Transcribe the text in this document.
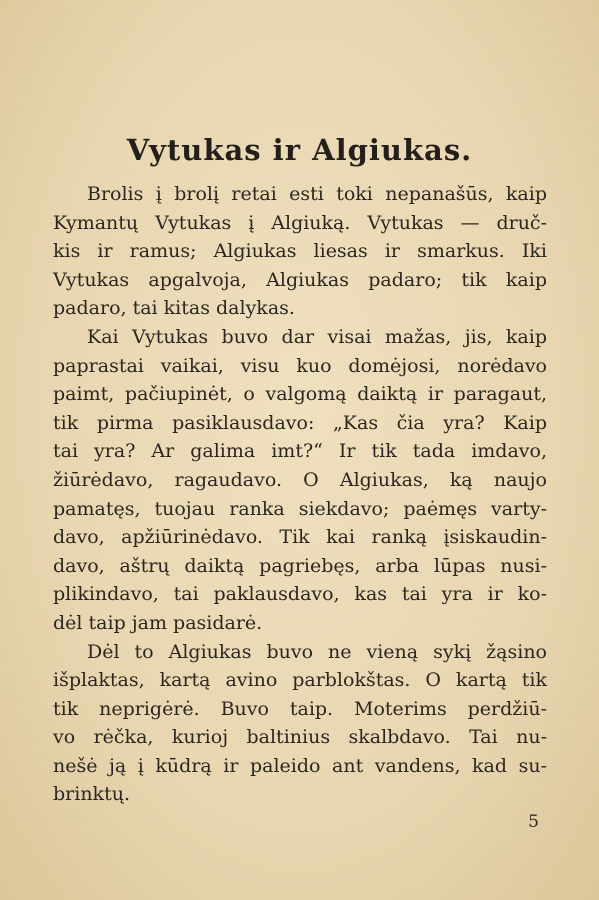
Vytukas ir Algiukas.
Brolis į brolį retai esti toki nepanašūs, kaip
Kymantų Vytukas į Algiuką. Vytukas — druč-
kis ir ramus; Algiukas liesas ir smarkus. Iki
Vytukas apgalvoja, Algiukas padaro; tik kaip
padaro, tai kitas dalykas.
Kai Vytukas buvo dar visai mažas, jis, kaip
paprastai vaikai, visu kuo domėjosi, norėdavo
paimt, pačiupinėt, o valgomą daiktą ir paragaut,
tik pirma pasiklausdavo: „Kas čia yra? Kaip
tai yra? Ar galima imt?“ Ir tik tada imdavo,
žiūrėdavo, ragaudavo. O Algiukas, ką naujo
pamatęs, tuojau ranka siekdavo; paėmęs varty-
davo, apžiūrinėdavo. Tik kai ranką įsiskaudin-
davo, aštrų daiktą pagriebęs, arba lūpas nusi-
plikindavo, tai paklausdavo, kas tai yra ir ko-
dėl taip jam pasidarė.
Dėl to Algiukas buvo ne vieną sykį žąsino
išplaktas, kartą avino parblokštas. O kartą tik
tik neprigėrė. Buvo taip. Moterims perdžiū-
vo rėčka, kurioj baltinius skalbdavo. Tai nu-
nešė ją į kūdrą ir paleido ant vandens, kad su-
brinktų.
5
